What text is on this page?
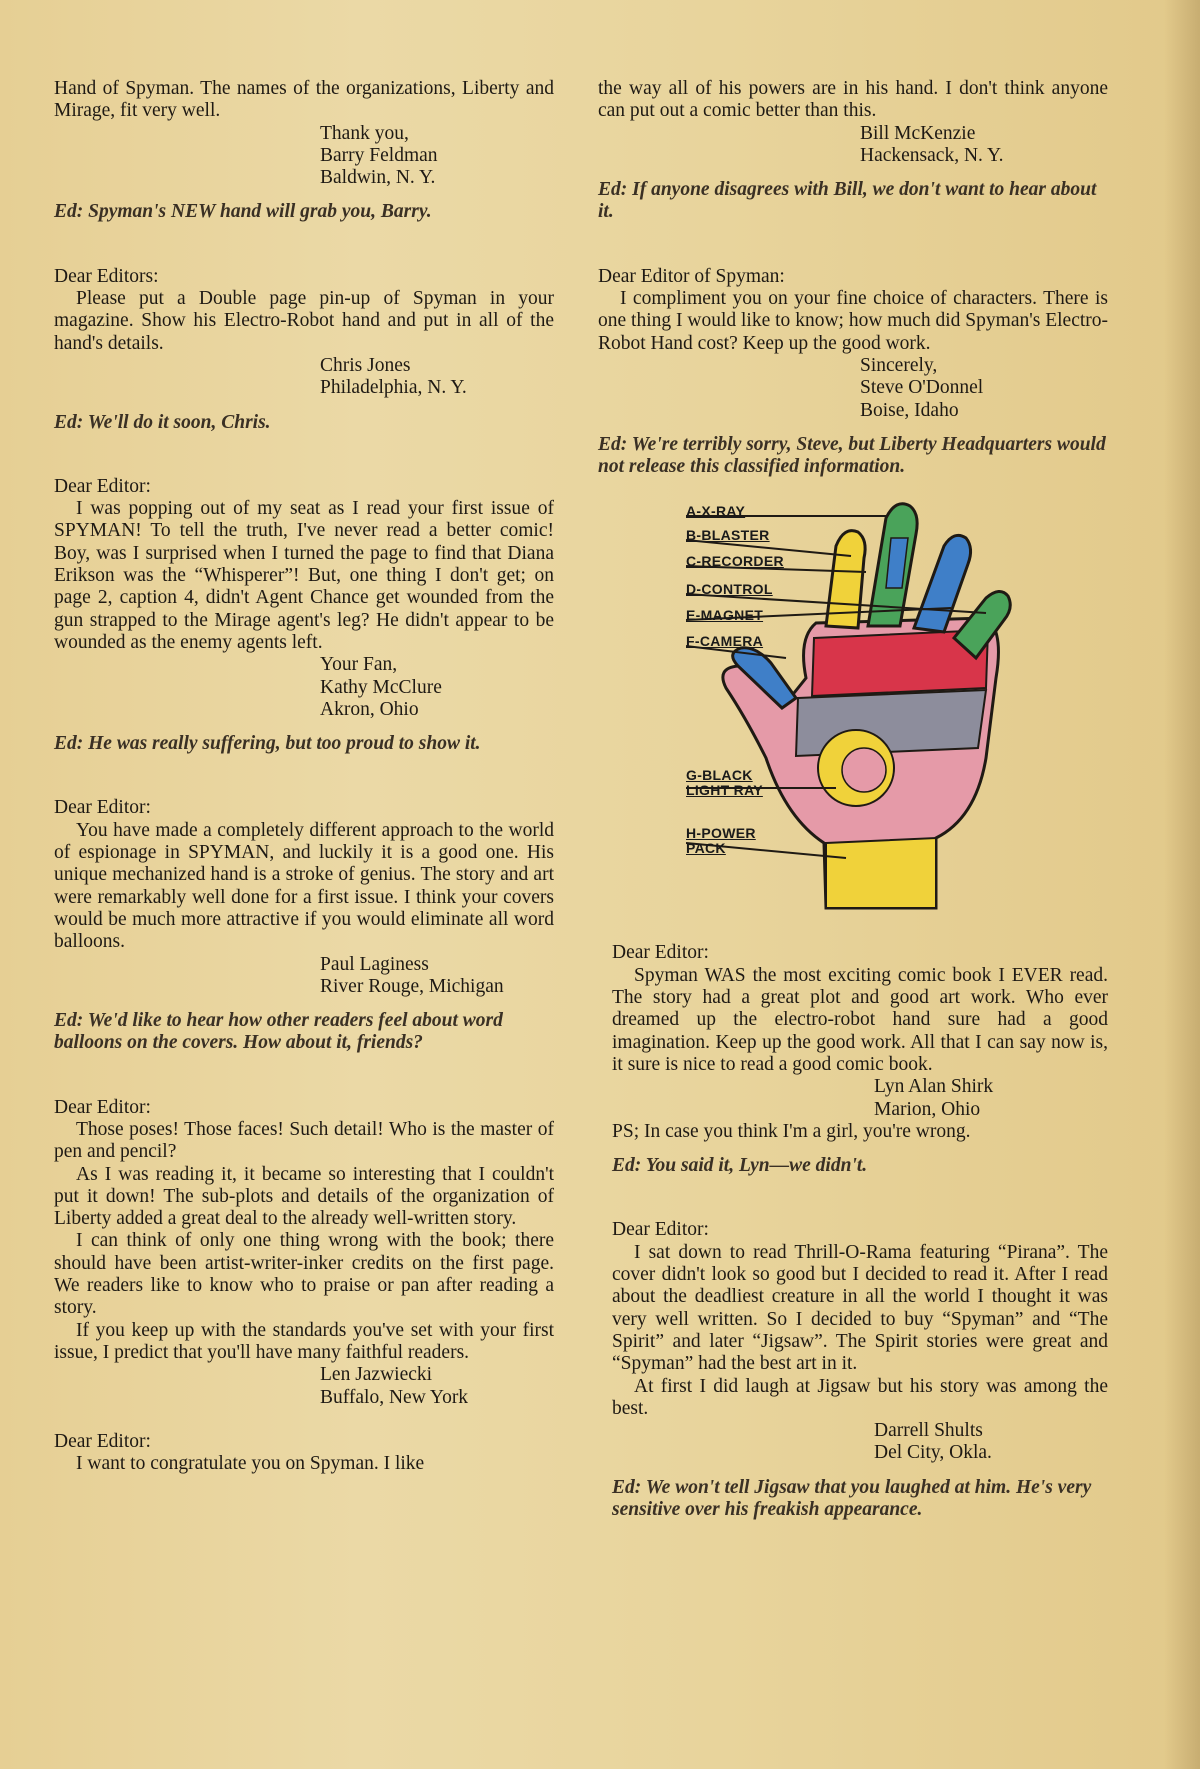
Hand of Spyman. The names of the organizations, Liberty and Mirage, fit very well.

Thank you,

Barry Feldman

Baldwin, N. Y.

Ed: Spyman's NEW hand will grab you, Barry.

Dear Editors:

Please put a Double page pin-up of Spyman in your magazine. Show his Electro-Robot hand and put in all of the hand's details.

Chris Jones

Philadelphia, N. Y.

Ed: We'll do it soon, Chris.

Dear Editor:

I was popping out of my seat as I read your first issue of SPYMAN! To tell the truth, I've never read a better comic! Boy, was I surprised when I turned the page to find that Diana Erikson was the “Whisperer”! But, one thing I don't get; on page 2, caption 4, didn't Agent Chance get wounded from the gun strapped to the Mirage agent's leg? He didn't appear to be wounded as the enemy agents left.

Your Fan,

Kathy McClure

Akron, Ohio

Ed: He was really suffering, but too proud to show it.

Dear Editor:

You have made a completely different approach to the world of espionage in SPYMAN, and luckily it is a good one. His unique mechanized hand is a stroke of genius. The story and art were remarkably well done for a first issue. I think your covers would be much more attractive if you would eliminate all word balloons.

Paul Laginess

River Rouge, Michigan

Ed: We'd like to hear how other readers feel about word balloons on the covers. How about it, friends?

Dear Editor:

Those poses! Those faces! Such detail! Who is the master of pen and pencil?

As I was reading it, it became so interesting that I couldn't put it down! The sub-plots and details of the organization of Liberty added a great deal to the already well-written story.

I can think of only one thing wrong with the book; there should have been artist-writer-inker credits on the first page. We readers like to know who to praise or pan after reading a story.

If you keep up with the standards you've set with your first issue, I predict that you'll have many faithful readers.

Len Jazwiecki

Buffalo, New York

Dear Editor:

I want to congratulate you on Spyman. I like

the way all of his powers are in his hand. I don't think anyone can put out a comic better than this.

Bill McKenzie

Hackensack, N. Y.

Ed: If anyone disagrees with Bill, we don't want to hear about it.

Dear Editor of Spyman:

I compliment you on your fine choice of characters. There is one thing I would like to know; how much did Spyman's Electro-Robot Hand cost? Keep up the good work.

Sincerely,

Steve O'Donnel

Boise, Idaho

Ed: We're terribly sorry, Steve, but Liberty Headquarters would not release this classified information.

A-X-RAY
B-BLASTER
C-RECORDER
D-CONTROL
E-MAGNET
F-CAMERA
G-BLACK LIGHT RAY
H-POWER PACK

Dear Editor:

Spyman WAS the most exciting comic book I EVER read. The story had a great plot and good art work. Who ever dreamed up the electro-robot hand sure had a good imagination. Keep up the good work. All that I can say now is, it sure is nice to read a good comic book.

Lyn Alan Shirk

Marion, Ohio

PS; In case you think I'm a girl, you're wrong.

Ed: You said it, Lyn—we didn't.

Dear Editor:

I sat down to read Thrill-O-Rama featuring “Pirana”. The cover didn't look so good but I decided to read it. After I read about the deadliest creature in all the world I thought it was very well written. So I decided to buy “Spyman” and “The Spirit” and later “Jigsaw”. The Spirit stories were great and “Spyman” had the best art in it.

At first I did laugh at Jigsaw but his story was among the best.

Darrell Shults

Del City, Okla.

Ed: We won't tell Jigsaw that you laughed at him. He's very sensitive over his freakish appearance.
